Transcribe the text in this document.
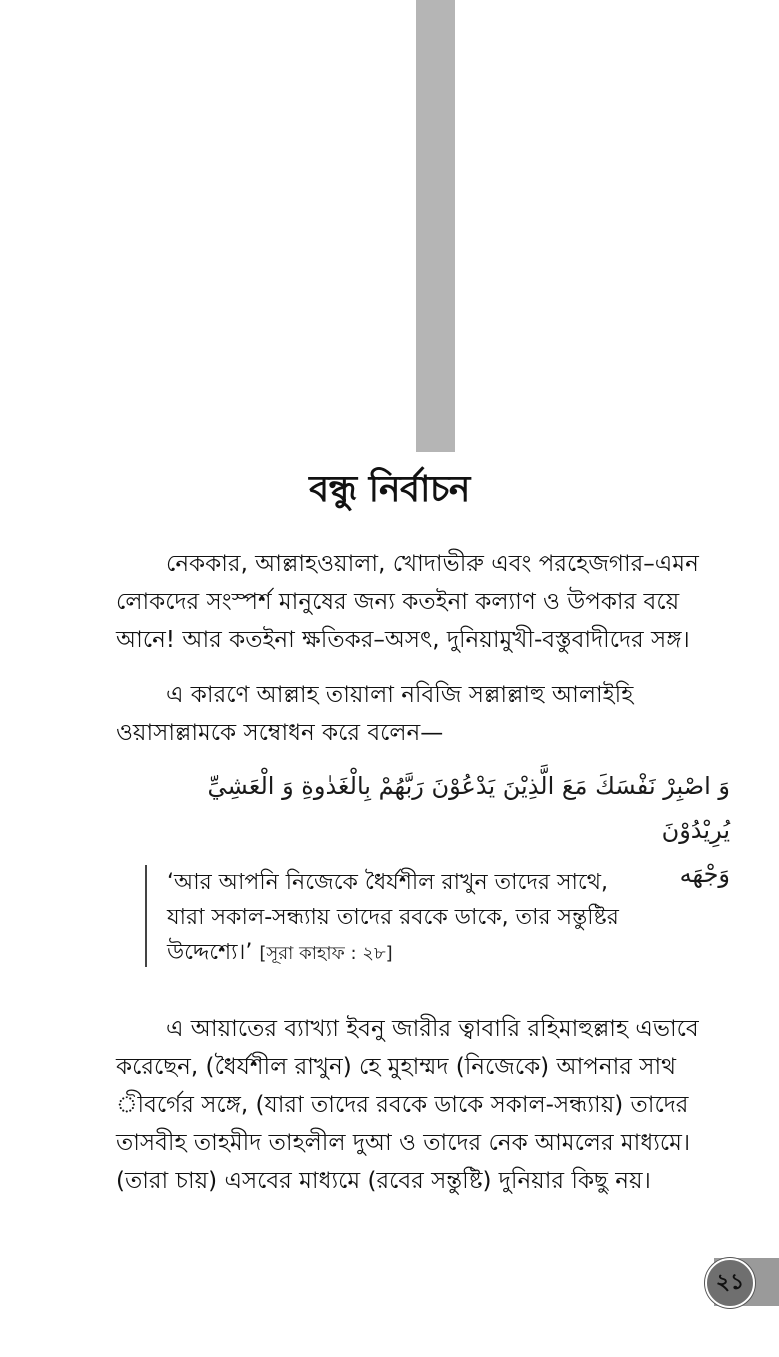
বন্ধু নির্বাচন
নেককার, আল্লাহওয়ালা, খোদাভীরু এবং পরহেজগার–এমন
লোকদের সংস্পর্শ মানুষের জন্য কতইনা কল্যাণ ও উপকার বয়ে
আনে! আর কতইনা ক্ষতিকর–অসৎ, দুনিয়ামুখী-বস্তুবাদীদের সঙ্গ।
এ কারণে আল্লাহ তায়ালা নবিজি সল্লাল্লাহু আলাইহি
ওয়াসাল্লামকে সম্বোধন করে বলেন—
وَ اصْبِرْ نَفْسَكَ مَعَ الَّذِيْنَ يَدْعُوْنَ رَبَّهُمْ بِالْغَدٰوةِ وَ الْعَشِيِّ يُرِيْدُوْنَ
وَجْهَه
‘আর আপনি নিজেকে ধৈর্যশীল রাখুন তাদের সাথে,
যারা সকাল-সন্ধ্যায় তাদের রবকে ডাকে, তার সন্তুষ্টির
উদ্দেশ্যে।’ [সূরা কাহাফ : ২৮]
এ আয়াতের ব্যাখ্যা ইবনু জারীর ত্বাবারি রহিমাহুল্লাহ এভাবে
করেছেন, (ধৈর্যশীল রাখুন) হে মুহাম্মদ (নিজেকে) আপনার সাথ
ীবর্গের সঙ্গে, (যারা তাদের রবকে ডাকে সকাল-সন্ধ্যায়) তাদের
তাসবীহ তাহমীদ তাহলীল দুআ ও তাদের নেক আমলের মাধ্যমে।
(তারা চায়) এসবের মাধ্যমে (রবের সন্তুষ্টি) দুনিয়ার কিছু নয়।
২১
